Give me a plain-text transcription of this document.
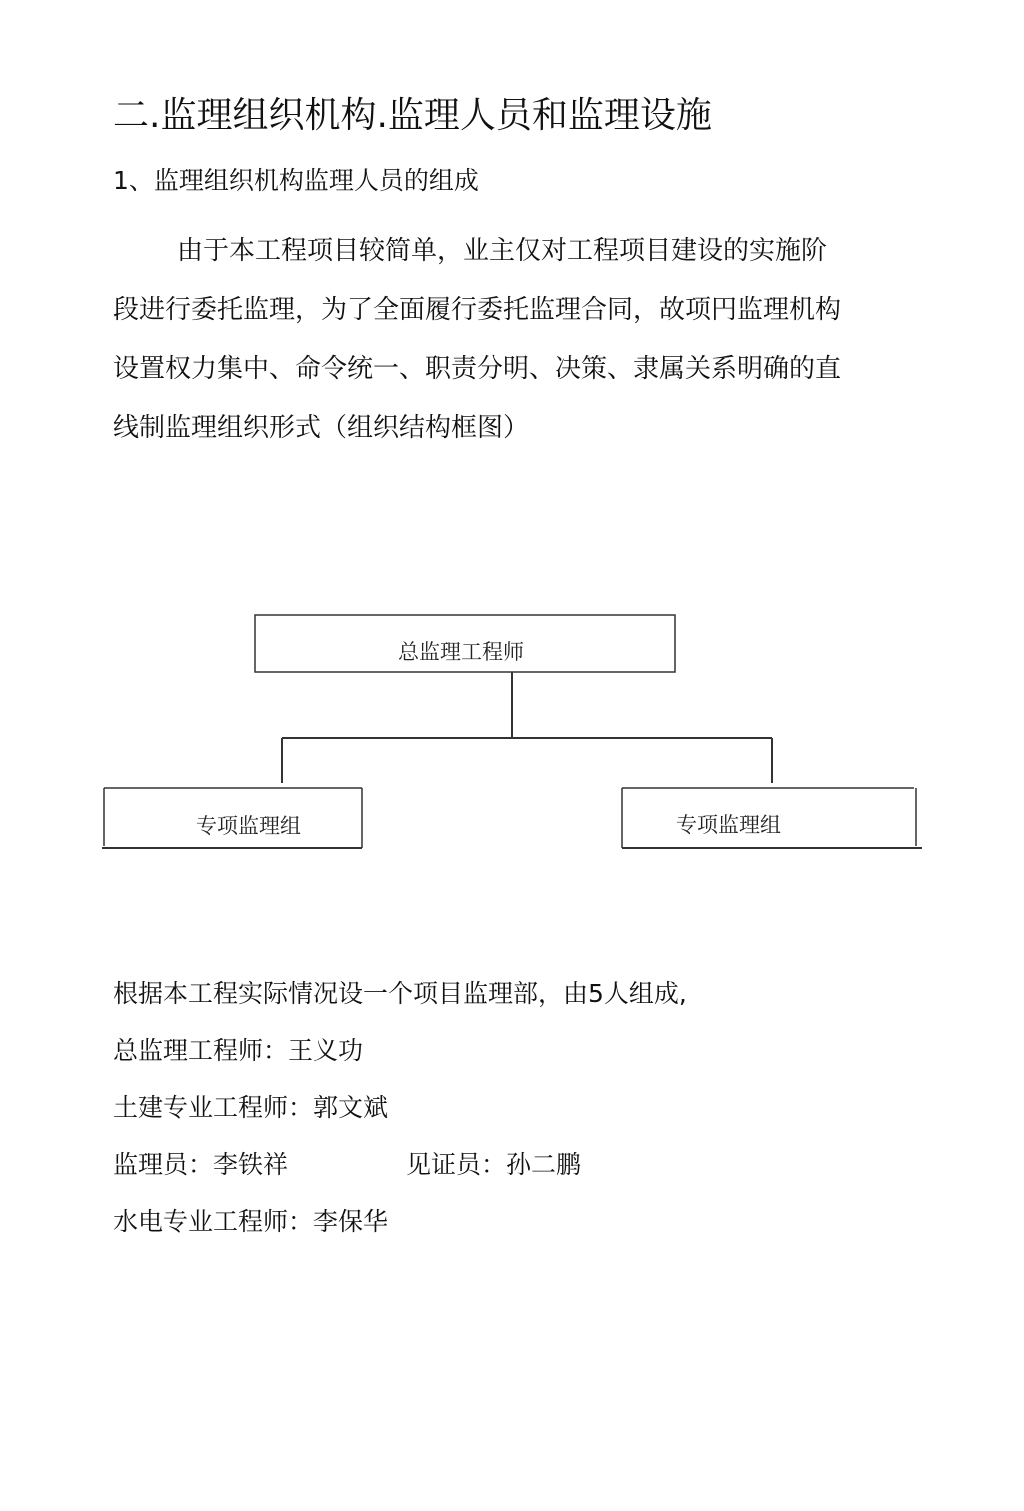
二.监理组织机构.监理人员和监理设施
1、监理组织机构监理人员的组成
由于本工程项目较简单，业主仅对工程项目建设的实施阶
段进行委托监理，为了全面履行委托监理合同，故项円监理机构
设置权力集中、命令统一、职责分明、决策、隶属关系明确的直
线制监理组织形式（组织结构框图）
总监理工程师
专项监理组	专项监理组
根据本工程实际情况设一个项目监理部，由5人组成,
总监理工程师：王义功
土建专业工程师：郭文斌
监理员：李铁祥	见证员：孙二鹏
水电专业工程师：李保华
